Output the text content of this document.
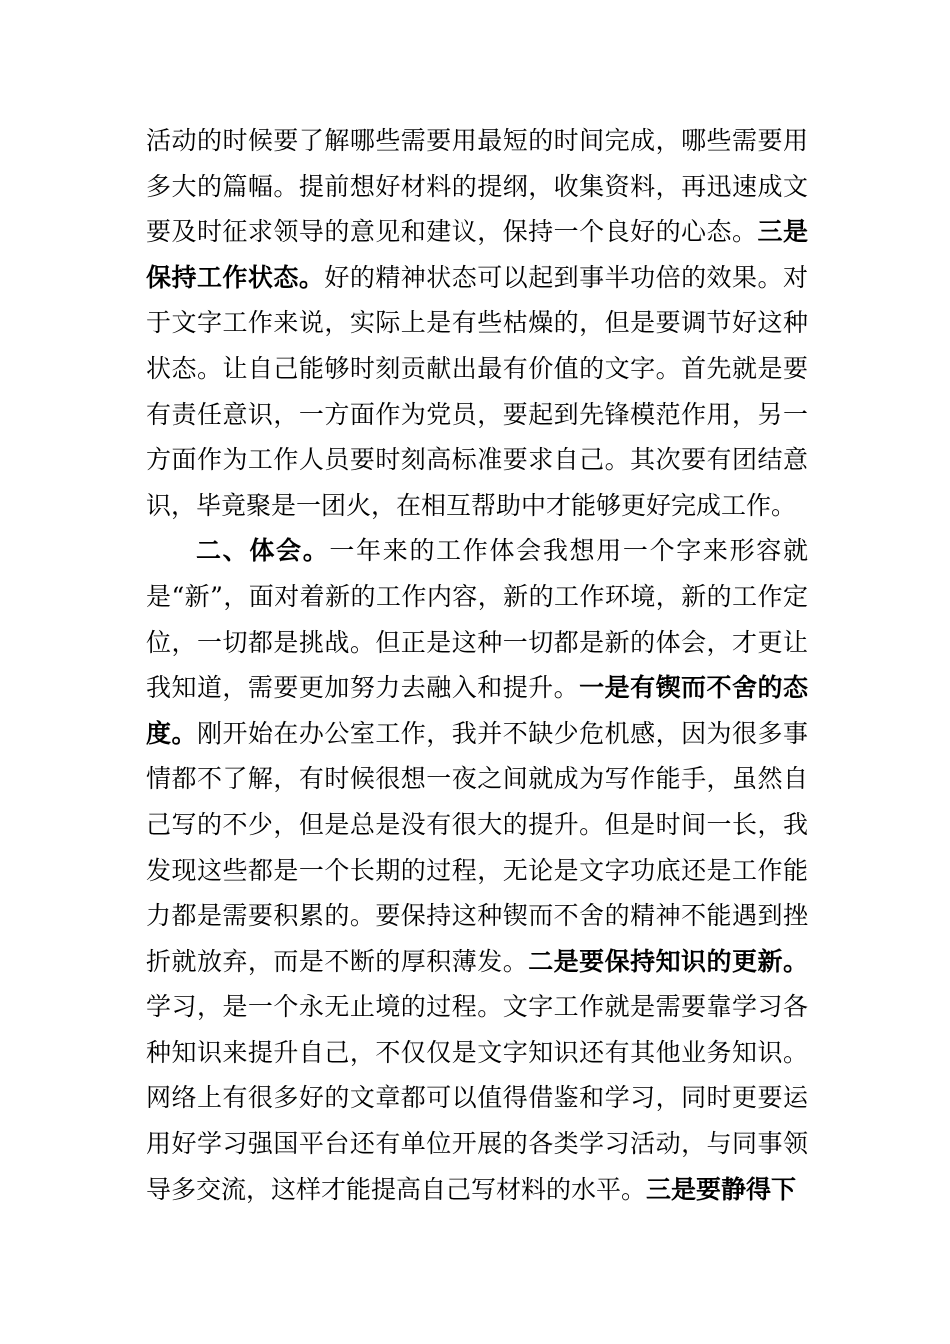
活动的时候要了解哪些需要用最短的时间完成，哪些需要用多大的篇幅。提前想好材料的提纲，收集资料，再迅速成文要及时征求领导的意见和建议，保持一个良好的心态。三是保持工作状态。好的精神状态可以起到事半功倍的效果。对于文字工作来说，实际上是有些枯燥的，但是要调节好这种状态。让自己能够时刻贡献出最有价值的文字。首先就是要有责任意识，一方面作为党员，要起到先锋模范作用，另一方面作为工作人员要时刻高标准要求自己。其次要有团结意识，毕竟聚是一团火，在相互帮助中才能够更好完成工作。

二、体会。一年来的工作体会我想用一个字来形容就是“新”，面对着新的工作内容，新的工作环境，新的工作定位，一切都是挑战。但正是这种一切都是新的体会，才更让我知道，需要更加努力去融入和提升。一是有锲而不舍的态度。刚开始在办公室工作，我并不缺少危机感，因为很多事情都不了解，有时候很想一夜之间就成为写作能手，虽然自己写的不少，但是总是没有很大的提升。但是时间一长，我发现这些都是一个长期的过程，无论是文字功底还是工作能力都是需要积累的。要保持这种锲而不舍的精神不能遇到挫折就放弃，而是不断的厚积薄发。二是要保持知识的更新。学习，是一个永无止境的过程。文字工作就是需要靠学习各种知识来提升自己，不仅仅是文字知识还有其他业务知识。网络上有很多好的文章都可以值得借鉴和学习，同时更要运用好学习强国平台还有单位开展的各类学习活动，与同事领导多交流，这样才能提高自己写材料的水平。三是要静得下
